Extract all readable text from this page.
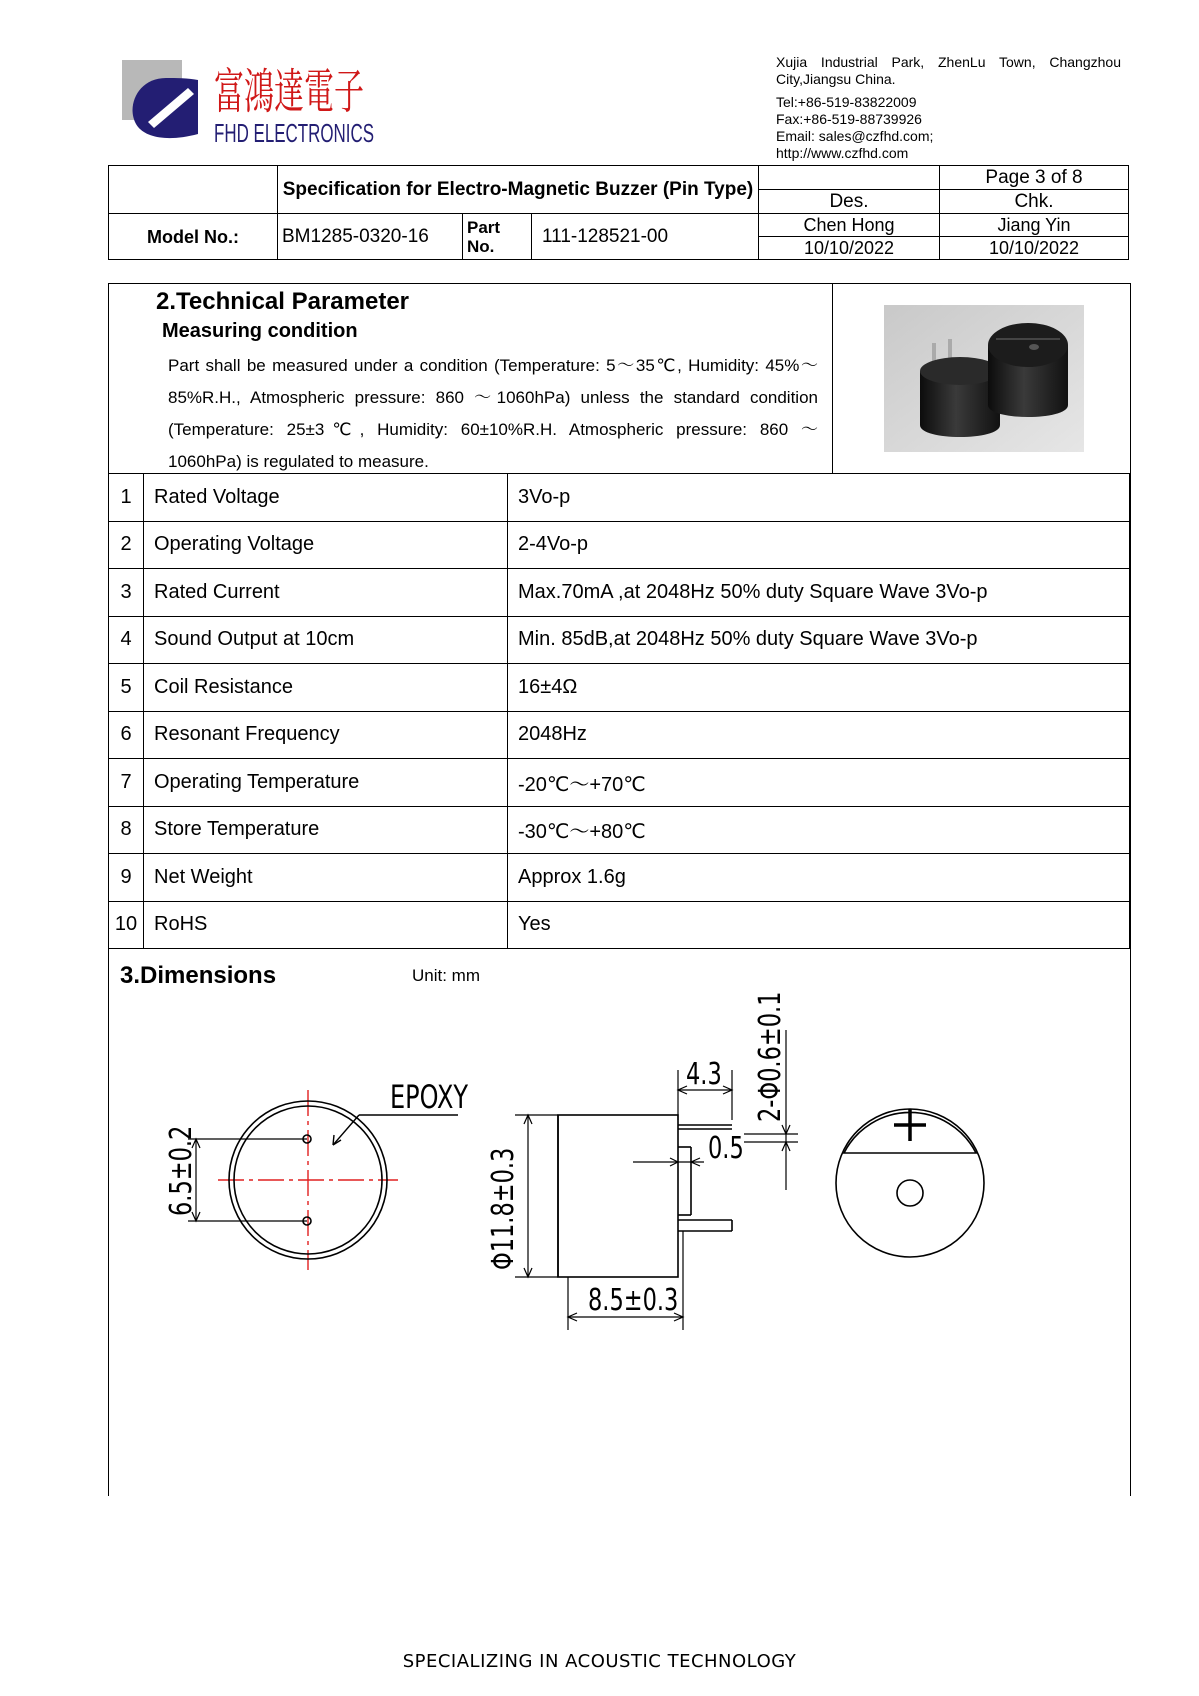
富鴻達電子
FHD ELECTRONICS
Xujia Industrial Park, ZhenLu Town, Changzhou
City,Jiangsu China.
Tel:+86-519-83822009
Fax:+86-519-88739926
Email: sales@czfhd.com;
http://www.czfhd.com
	Specification for Electro-Magnetic Buzzer (Pin Type)				Page 3 of 8
				Des.	Chk.
Model No.:	BM1285-0320-16	Part No.	111-128521-00	Chen Hong	Jiang Yin
				10/10/2022	10/10/2022
2.Technical Parameter
Measuring condition
Part shall be measured under a condition (Temperature: 5～35℃, Humidity: 45%～85%R.H., Atmospheric pressure: 860 ～1060hPa) unless the standard condition (Temperature: 25±3℃, Humidity: 60±10%R.H. Atmospheric pressure: 860 ～1060hPa) is regulated to measure.
1	Rated Voltage	3Vo-p
2	Operating Voltage	2-4Vo-p
3	Rated Current	Max.70mA ,at 2048Hz 50% duty Square Wave 3Vo-p
4	Sound Output at 10cm	Min. 85dB,at 2048Hz 50% duty Square Wave 3Vo-p
5	Coil Resistance	16±4Ω
6	Resonant Frequency	2048Hz
7	Operating Temperature	-20℃～+70℃
8	Store Temperature	-30℃～+80℃
9	Net Weight	Approx 1.6g
10	RoHS	Yes
3.Dimensions	Unit: mm
6.5±0.2
EPOXY
Φ11.8±0.3
8.5±0.3
4.3
0.5
2-Φ0.6±0.1
SPECIALIZING IN ACOUSTIC TECHNOLOGY
